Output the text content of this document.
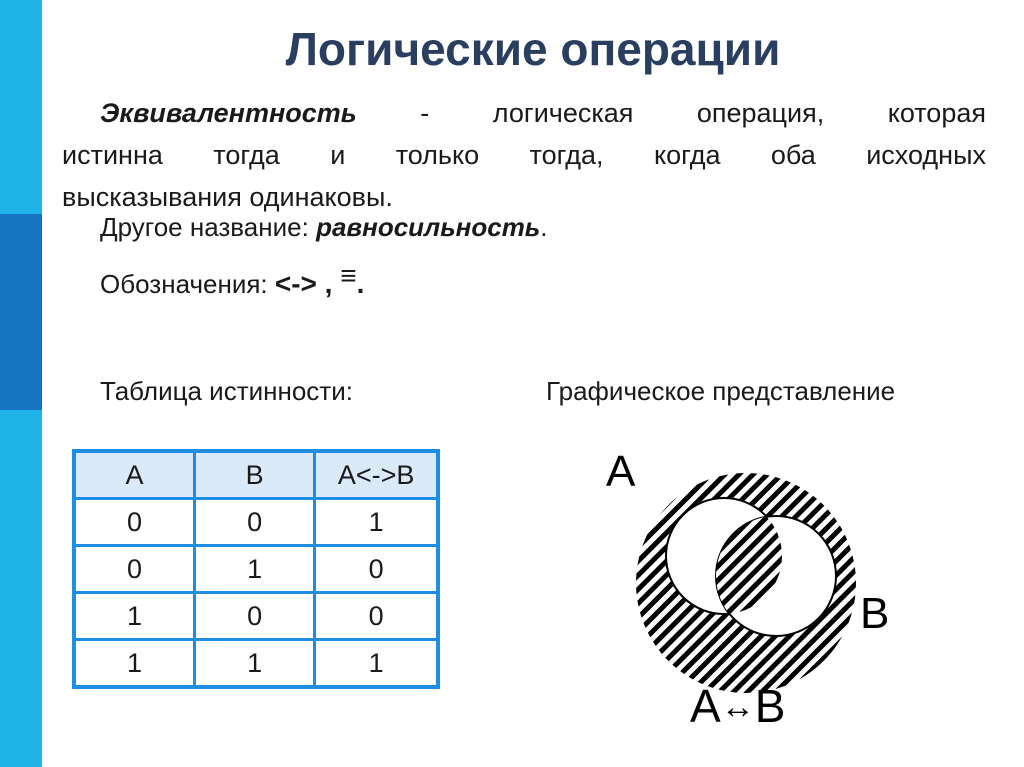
Логические операции
Эквивалентность - логическая операция, которая
истинна тогда и только тогда, когда оба исходных
высказывания одинаковы.
Другое название: равносильность.
Обозначения: <-> , ≡.
Таблица истинности:	Графическое представление
A	B	A<->B
0	0	1
0	1	0
1	0	0
1	1	1
A
B
A↔B
